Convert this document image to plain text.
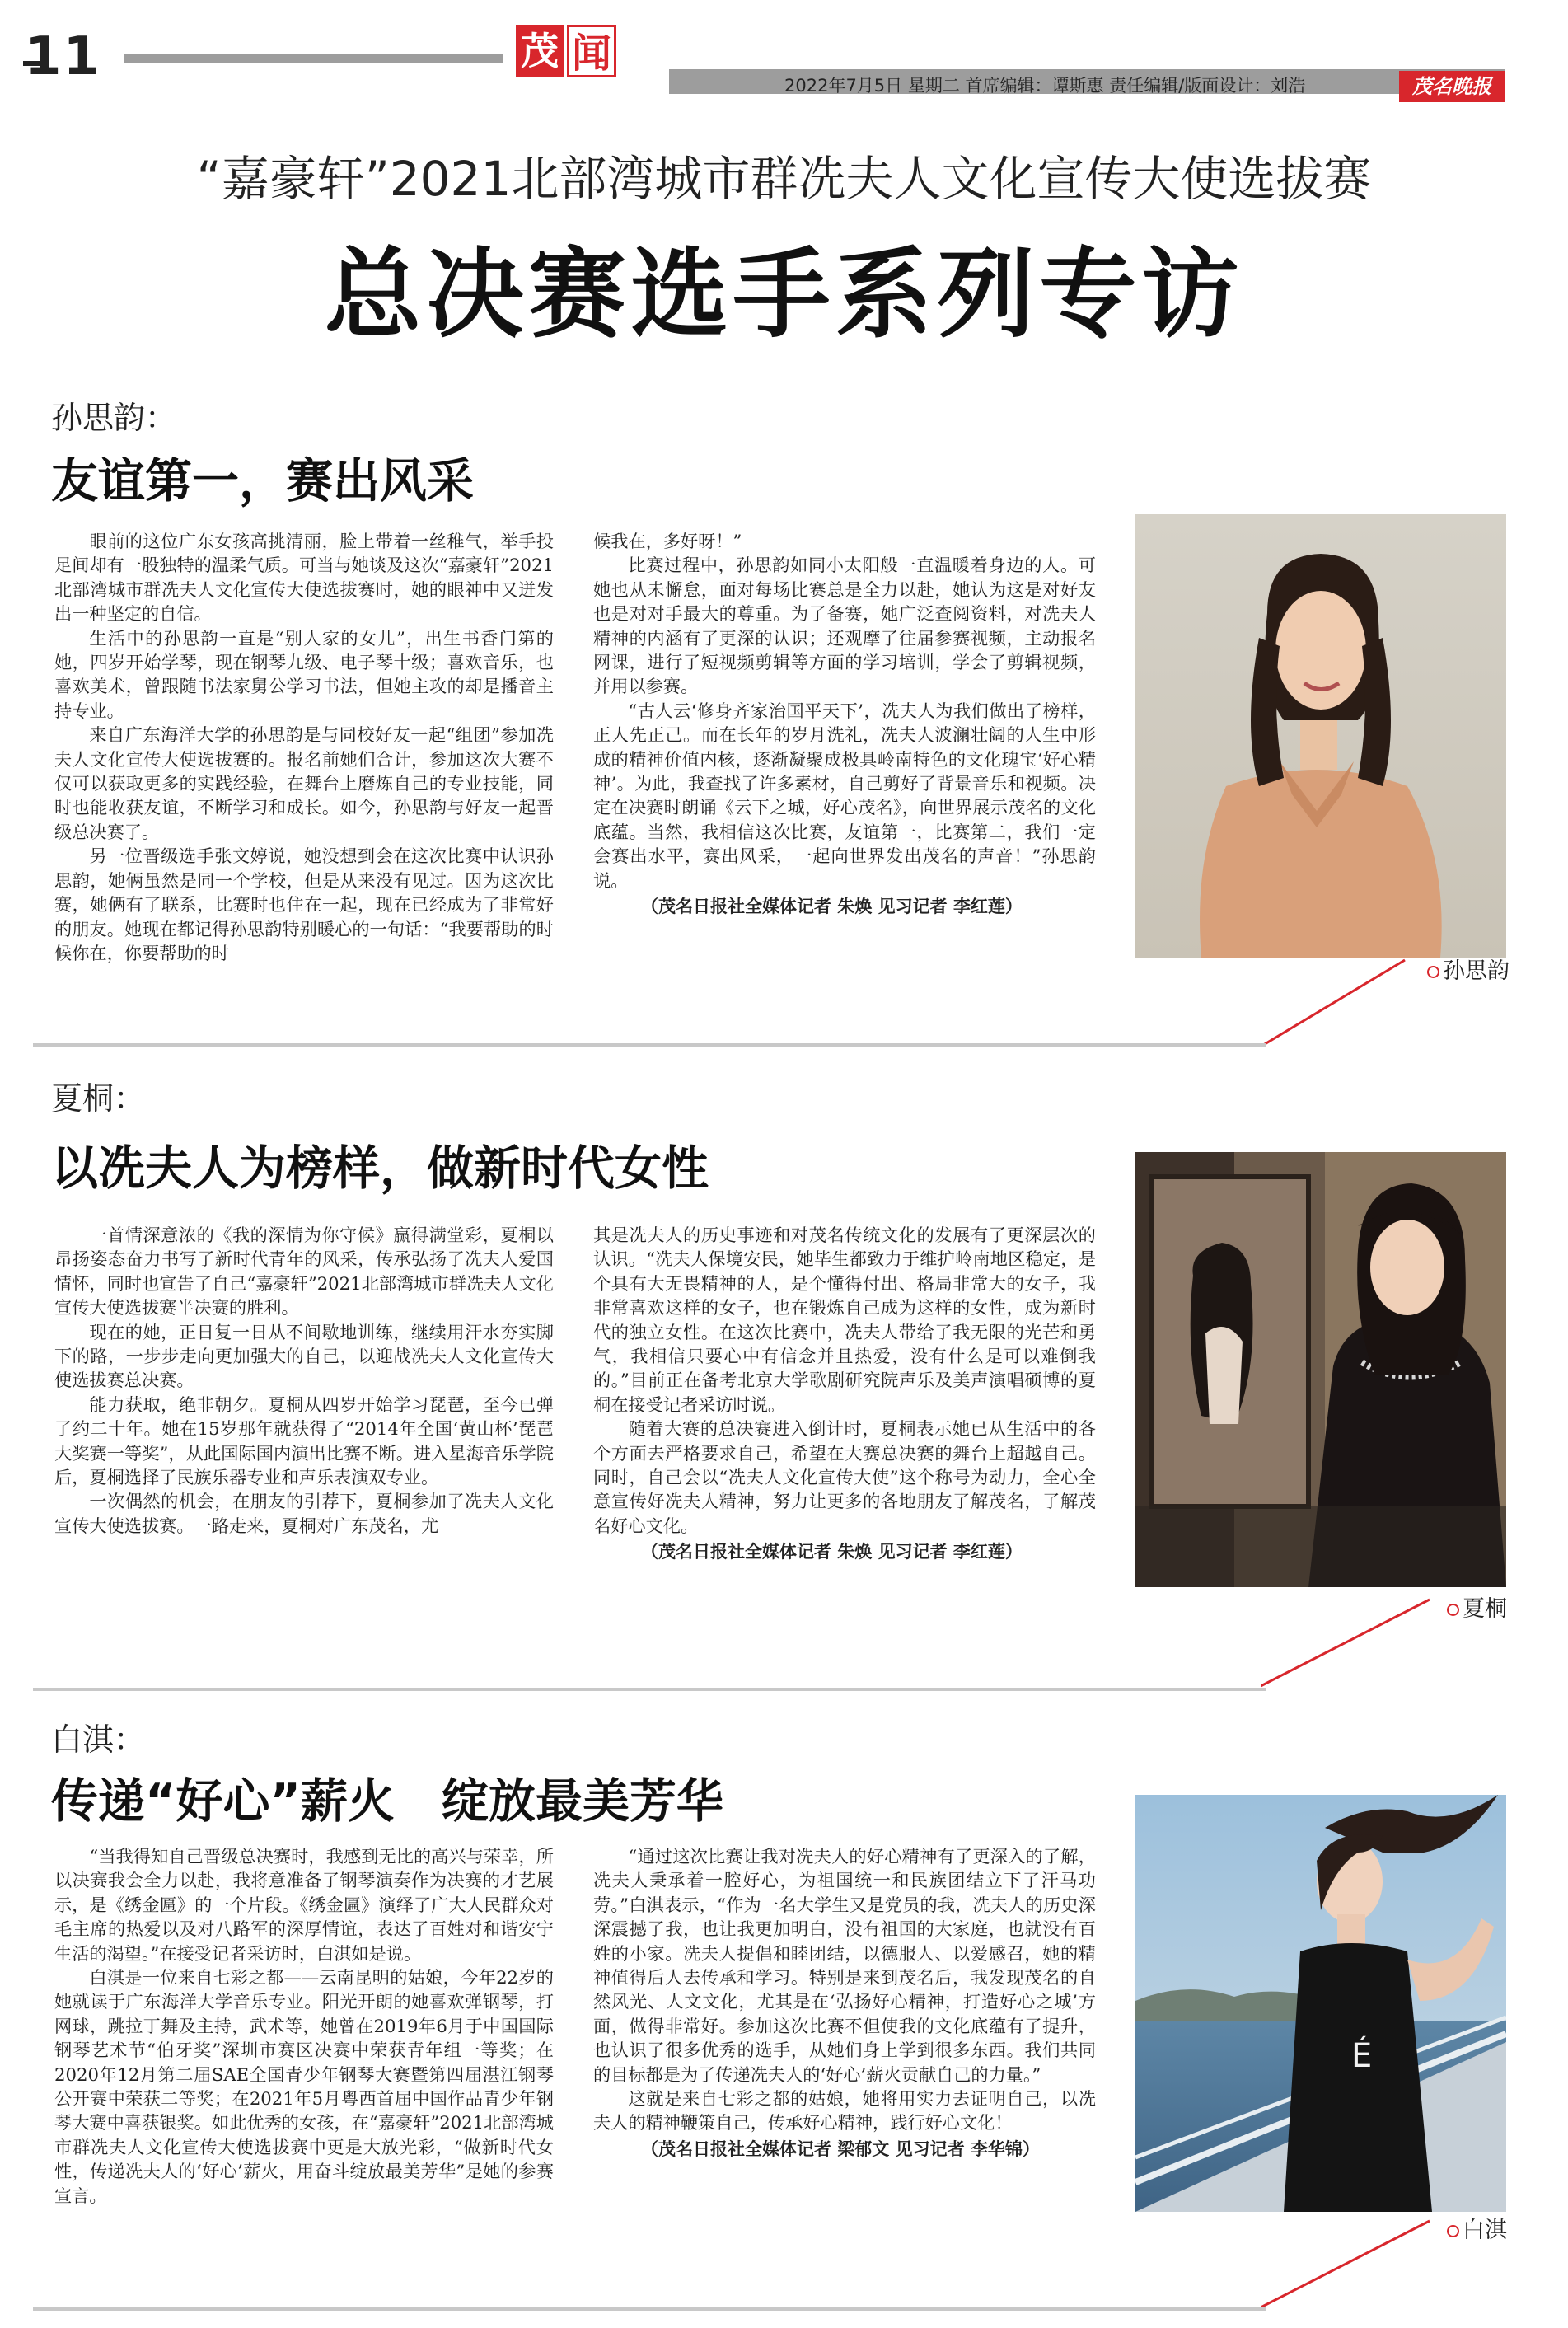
11	茂 闻
2022年7月5日 星期二 首席编辑：谭斯惠 责任编辑/版面设计：刘浩	茂名晚报
“嘉豪轩”2021北部湾城市群冼夫人文化宣传大使选拔赛
总决赛选手系列专访
孙思韵：
友谊第一，赛出风采

眼前的这位广东女孩高挑清丽，脸上带着一丝稚气，举手投足间却有一股独特的温柔气质。可当与她谈及这次“嘉豪轩”2021北部湾城市群冼夫人文化宣传大使选拔赛时，她的眼神中又迸发出一种坚定的自信。

生活中的孙思韵一直是“别人家的女儿”，出生书香门第的她，四岁开始学琴，现在钢琴九级、电子琴十级；喜欢音乐，也喜欢美术，曾跟随书法家舅公学习书法，但她主攻的却是播音主持专业。

来自广东海洋大学的孙思韵是与同校好友一起“组团”参加冼夫人文化宣传大使选拔赛的。报名前她们合计，参加这次大赛不仅可以获取更多的实践经验，在舞台上磨炼自己的专业技能，同时也能收获友谊，不断学习和成长。如今，孙思韵与好友一起晋级总决赛了。

另一位晋级选手张文婷说，她没想到会在这次比赛中认识孙思韵，她俩虽然是同一个学校，但是从来没有见过。因为这次比赛，她俩有了联系，比赛时也住在一起，现在已经成为了非常好的朋友。她现在都记得孙思韵特别暖心的一句话：“我要帮助的时候你在，你要帮助的时

候我在，多好呀！”

比赛过程中，孙思韵如同小太阳般一直温暖着身边的人。可她也从未懈怠，面对每场比赛总是全力以赴，她认为这是对好友也是对对手最大的尊重。为了备赛，她广泛查阅资料，对冼夫人精神的内涵有了更深的认识；还观摩了往届参赛视频，主动报名网课，进行了短视频剪辑等方面的学习培训，学会了剪辑视频，并用以参赛。

“古人云‘修身齐家治国平天下’，冼夫人为我们做出了榜样，正人先正己。而在长年的岁月洗礼，冼夫人波澜壮阔的人生中形成的精神价值内核，逐渐凝聚成极具岭南特色的文化瑰宝‘好心精神’。为此，我查找了许多素材，自己剪好了背景音乐和视频。决定在决赛时朗诵《云下之城，好心茂名》，向世界展示茂名的文化底蕴。当然，我相信这次比赛，友谊第一，比赛第二，我们一定会赛出水平，赛出风采，一起向世界发出茂名的声音！”孙思韵说。

（茂名日报社全媒体记者 朱焕 见习记者 李红莲）

孙思韵
夏桐：
以冼夫人为榜样，做新时代女性

一首情深意浓的《我的深情为你守候》赢得满堂彩，夏桐以昂扬姿态奋力书写了新时代青年的风采，传承弘扬了冼夫人爱国情怀，同时也宣告了自己“嘉豪轩”2021北部湾城市群冼夫人文化宣传大使选拔赛半决赛的胜利。

现在的她，正日复一日从不间歇地训练，继续用汗水夯实脚下的路，一步步走向更加强大的自己，以迎战冼夫人文化宣传大使选拔赛总决赛。

能力获取，绝非朝夕。夏桐从四岁开始学习琵琶，至今已弹了约二十年。她在15岁那年就获得了“2014年全国‘黄山杯’琵琶大奖赛一等奖”，从此国际国内演出比赛不断。进入星海音乐学院后，夏桐选择了民族乐器专业和声乐表演双专业。

一次偶然的机会，在朋友的引荐下，夏桐参加了冼夫人文化宣传大使选拔赛。一路走来，夏桐对广东茂名，尤

其是冼夫人的历史事迹和对茂名传统文化的发展有了更深层次的认识。“冼夫人保境安民，她毕生都致力于维护岭南地区稳定，是个具有大无畏精神的人，是个懂得付出、格局非常大的女子，我非常喜欢这样的女子，也在锻炼自己成为这样的女性，成为新时代的独立女性。在这次比赛中，冼夫人带给了我无限的光芒和勇气，我相信只要心中有信念并且热爱，没有什么是可以难倒我的。”目前正在备考北京大学歌剧研究院声乐及美声演唱硕博的夏桐在接受记者采访时说。

随着大赛的总决赛进入倒计时，夏桐表示她已从生活中的各个方面去严格要求自己，希望在大赛总决赛的舞台上超越自己。同时，自己会以“冼夫人文化宣传大使”这个称号为动力，全心全意宣传好冼夫人精神，努力让更多的各地朋友了解茂名，了解茂名好心文化。

（茂名日报社全媒体记者 朱焕 见习记者 李红莲）

夏桐
白淇：
传递“好心”薪火　绽放最美芳华

“当我得知自己晋级总决赛时，我感到无比的高兴与荣幸，所以决赛我会全力以赴，我将意准备了钢琴演奏作为决赛的才艺展示，是《绣金匾》的一个片段。《绣金匾》演绎了广大人民群众对毛主席的热爱以及对八路军的深厚情谊，表达了百姓对和谐安宁生活的渴望。”在接受记者采访时，白淇如是说。

白淇是一位来自七彩之都——云南昆明的姑娘，今年22岁的她就读于广东海洋大学音乐专业。阳光开朗的她喜欢弹钢琴，打网球，跳拉丁舞及主持，武术等，她曾在2019年6月于中国国际钢琴艺术节“伯牙奖”深圳市赛区决赛中荣获青年组一等奖；在2020年12月第二届SAE全国青少年钢琴大赛暨第四届湛江钢琴公开赛中荣获二等奖；在2021年5月粤西首届中国作品青少年钢琴大赛中喜获银奖。如此优秀的女孩，在“嘉豪轩”2021北部湾城市群冼夫人文化宣传大使选拔赛中更是大放光彩，“做新时代女性，传递冼夫人的‘好心’薪火，用奋斗绽放最美芳华”是她的参赛宣言。

“通过这次比赛让我对冼夫人的好心精神有了更深入的了解，冼夫人秉承着一腔好心，为祖国统一和民族团结立下了汗马功劳。”白淇表示，“作为一名大学生又是党员的我，冼夫人的历史深深震撼了我，也让我更加明白，没有祖国的大家庭，也就没有百姓的小家。冼夫人提倡和睦团结，以德服人、以爱感召，她的精神值得后人去传承和学习。特别是来到茂名后，我发现茂名的自然风光、人文文化，尤其是在‘弘扬好心精神，打造好心之城’方面，做得非常好。参加这次比赛不但使我的文化底蕴有了提升，也认识了很多优秀的选手，从她们身上学到很多东西。我们共同的目标都是为了传递冼夫人的‘好心’薪火贡献自己的力量。”

这就是来自七彩之都的姑娘，她将用实力去证明自己，以冼夫人的精神鞭策自己，传承好心精神，践行好心文化！

（茂名日报社全媒体记者 梁郁文 见习记者 李华锦）

É
白淇
